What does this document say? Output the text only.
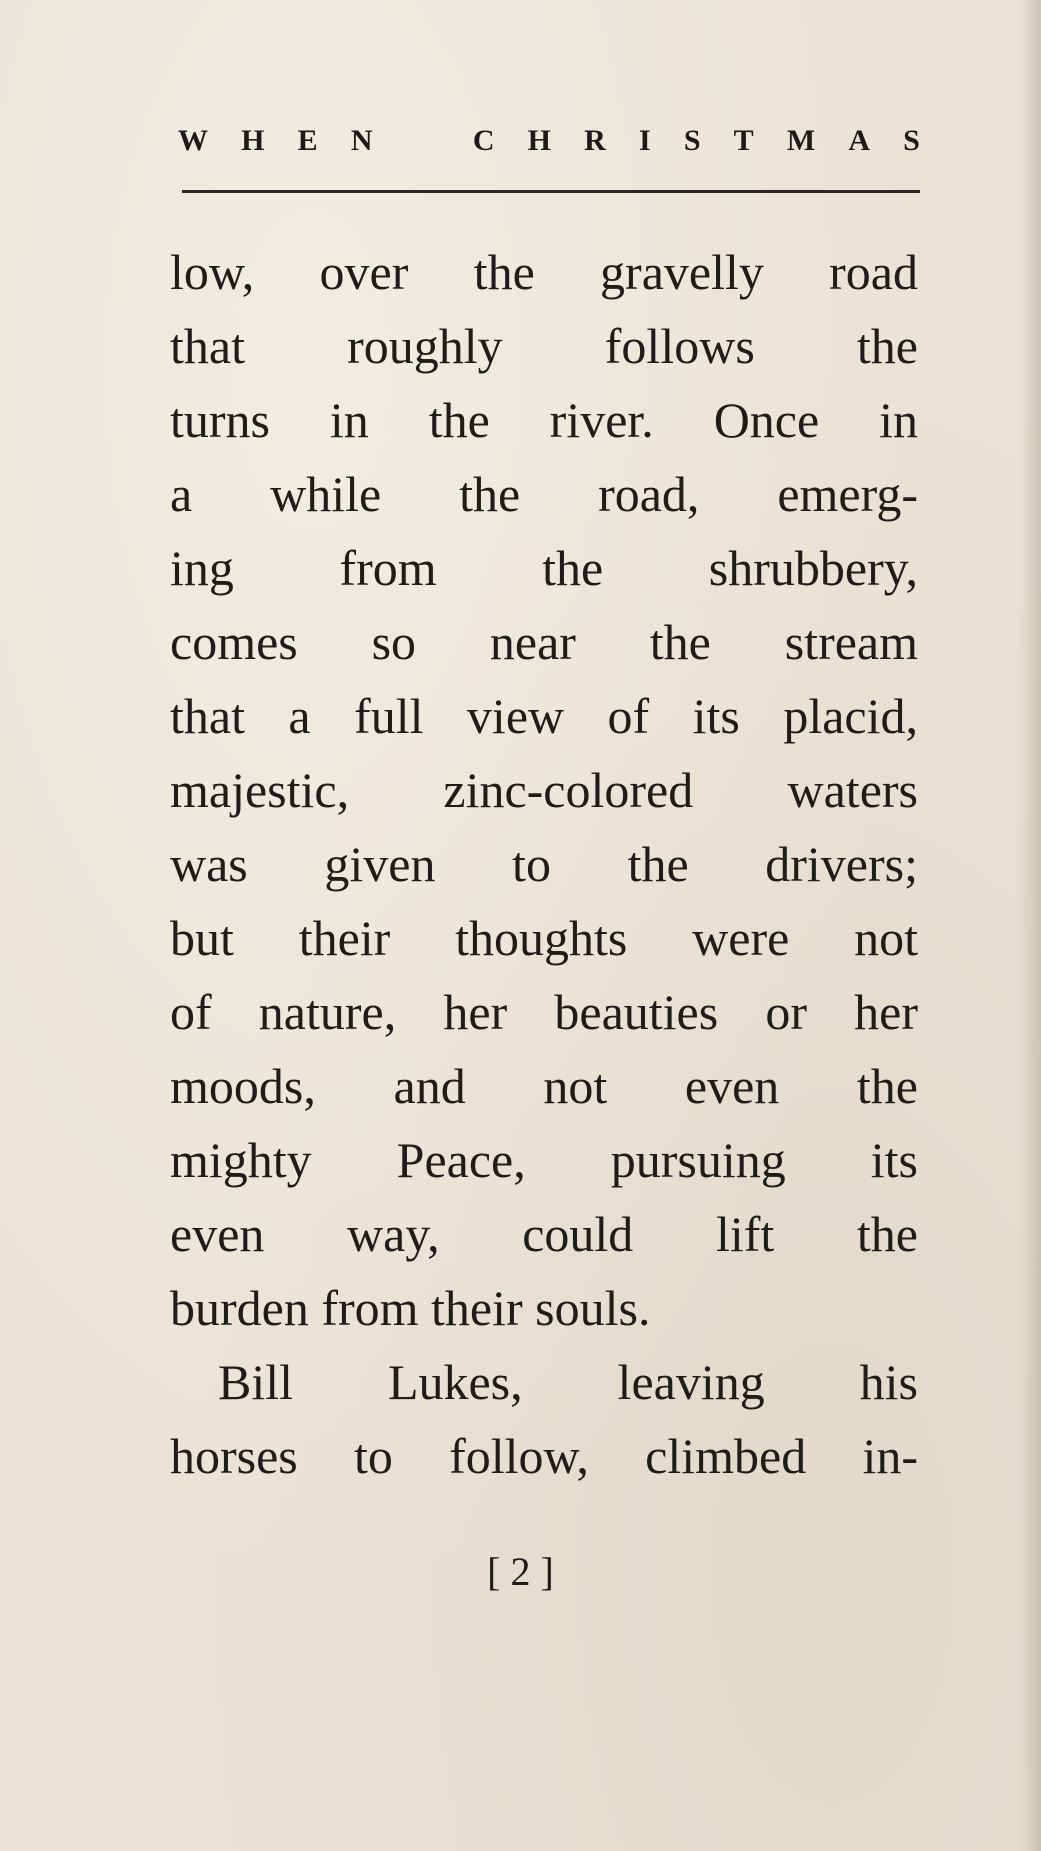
W H E N	C H R I S T M A S
low, over the gravelly road
that roughly follows the
turns in the river. Once in
a while the road, emerg-
ing from the shrubbery,
comes so near the stream
that a full view of its placid,
majestic, zinc-colored waters
was given to the drivers;
but their thoughts were not
of nature, her beauties or her
moods, and not even the
mighty Peace, pursuing its
even way, could lift the
burden from their souls.
Bill Lukes, leaving his
horses to follow, climbed in-
[ 2 ]
